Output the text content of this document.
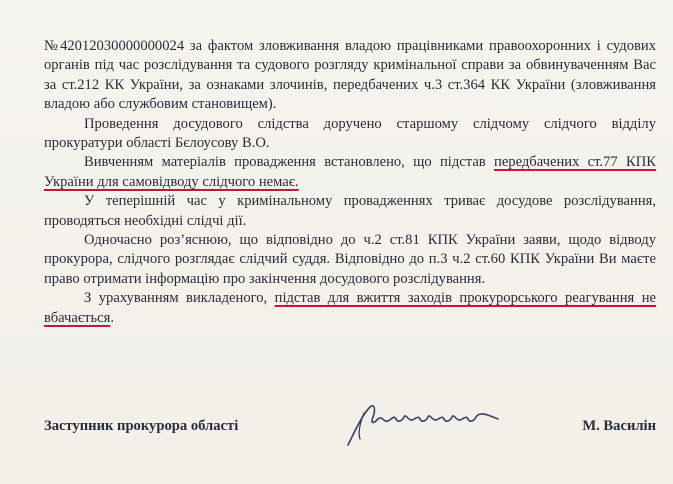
№42012030000000024 за фактом зловживання владою працівниками правоохоронних і судових органів під час розслідування та судового розгляду кримінальної справи за обвинуваченням Вас за ст.212 КК України, за ознаками злочинів, передбачених ч.3 ст.364 КК України (зловживання владою або службовим становищем).

Проведення досудового слідства доручено старшому слідчому слідчого відділу прокуратури області Бєлоусову В.О.

Вивченням матеріалів провадження встановлено, що підстав передбачених ст.77 КПК України для самовідводу слідчого немає.

У теперішній час у кримінальному провадженнях триває досудове розслідування, проводяться необхідні слідчі дії.

Одночасно роз’яснюю, що відповідно до ч.2 ст.81 КПК України заяви, щодо відводу прокурора, слідчого розглядає слідчий суддя. Відповідно до п.3 ч.2 ст.60 КПК України Ви маєте право отримати інформацію про закінчення досудового розслідування.

З урахуванням викладеного, підстав для вжиття заходів прокурорського реагування не вбачається.

Заступник прокурора області	М. Василін
